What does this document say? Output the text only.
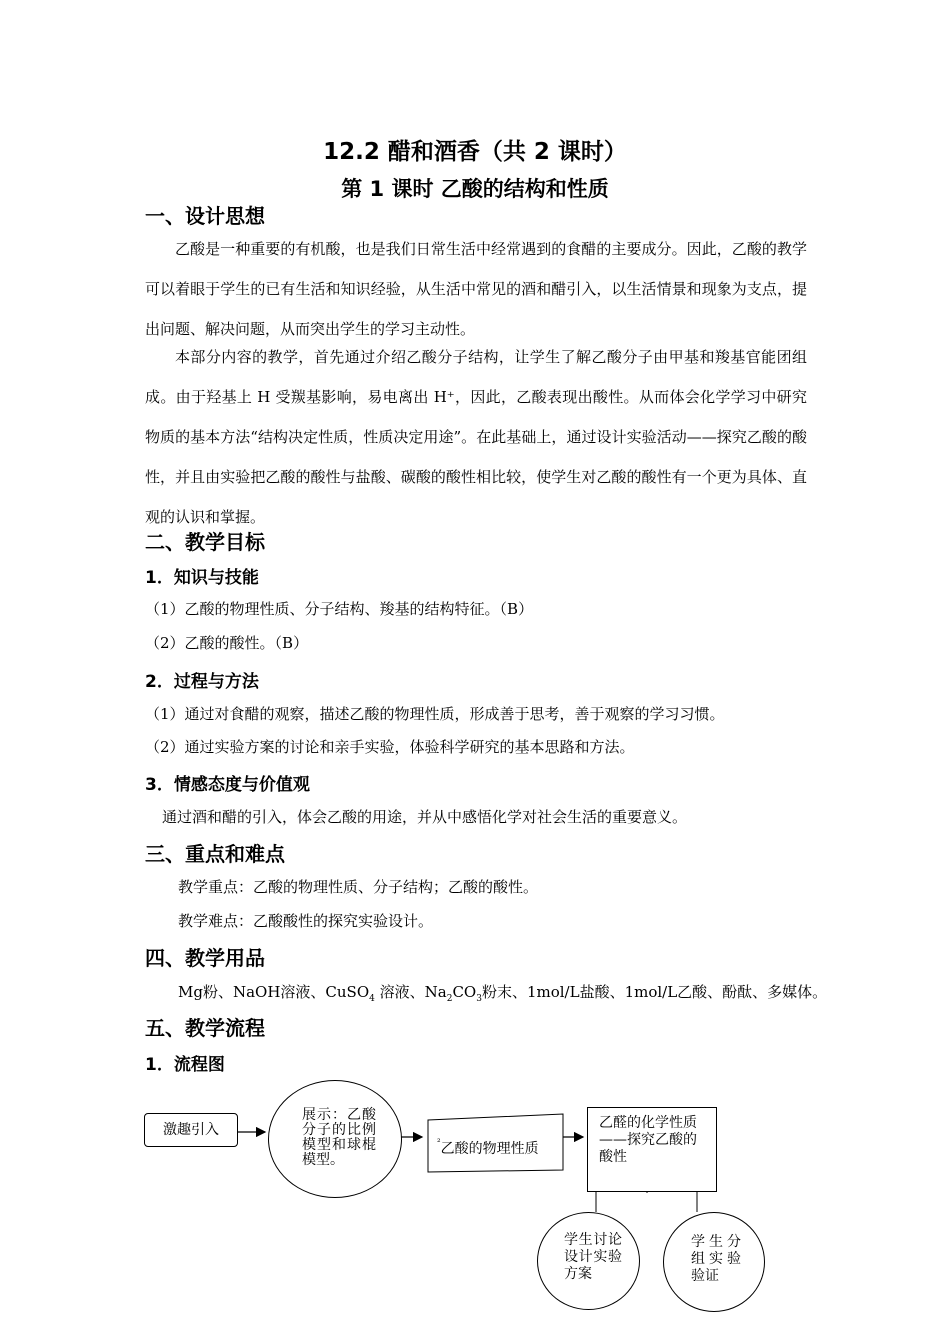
12.2 醋和酒香（共 2 课时）
第 1 课时 乙酸的结构和性质
一、设计思想
乙酸是一种重要的有机酸，也是我们日常生活中经常遇到的食醋的主要成分。因此，乙酸的教学可以着眼于学生的已有生活和知识经验，从生活中常见的酒和醋引入，以生活情景和现象为支点，提出问题、解决问题，从而突出学生的学习主动性。
本部分内容的教学，首先通过介绍乙酸分子结构，让学生了解乙酸分子由甲基和羧基官能团组成。由于羟基上 H 受羰基影响，易电离出 H⁺，因此，乙酸表现出酸性。从而体会化学学习中研究物质的基本方法“结构决定性质，性质决定用途”。在此基础上，通过设计实验活动——探究乙酸的酸性，并且由实验把乙酸的酸性与盐酸、碳酸的酸性相比较，使学生对乙酸的酸性有一个更为具体、直观的认识和掌握。
二、教学目标
1．知识与技能
（1）乙酸的物理性质、分子结构、羧基的结构特征。（B）
（2）乙酸的酸性。（B）
2．过程与方法
（1）通过对食醋的观察，描述乙酸的物理性质，形成善于思考，善于观察的学习习惯。
（2）通过实验方案的讨论和亲手实验，体验科学研究的基本思路和方法。
3．情感态度与价值观
通过酒和醋的引入，体会乙酸的用途，并从中感悟化学对社会生活的重要意义。
三、重点和难点
教学重点：乙酸的物理性质、分子结构；乙酸的酸性。
教学难点：乙酸酸性的探究实验设计。
四、教学用品
Mg粉、NaOH溶液、CuSO$_4$ 溶液、$Na_2CO_3$粉末、1mol/L盐酸、1mol/L乙酸、酚酞、多媒体。
五、教学流程
1．流程图
激趣引入
展示：乙酸分子的比例模型和球棍模型。
$^{^2}$乙酸的物理性质
乙醛的化学性质——探究乙酸的酸性
学生讨论设计实验方案
学生分组实验验证
